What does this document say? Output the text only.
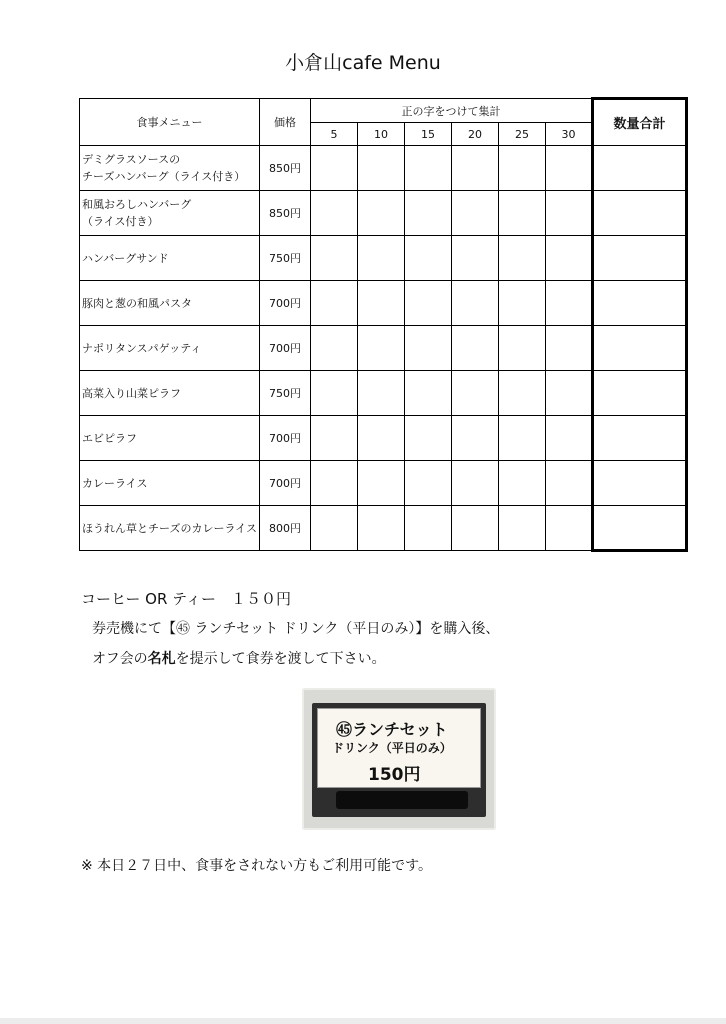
小倉山cafe Menu
食事メニュー	価格	正の字をつけて集計						数量合計
		5	10	15	20	25	30	

デミグラスソースの
チーズハンバーグ（ライス付き）	850円							

和風おろしハンバーグ
（ライス付き）	850円							

ハンバーグサンド	750円							

豚肉と葱の和風パスタ	700円							

ナポリタンスパゲッティ	700円							

高菜入り山菜ピラフ	750円							

エビピラフ	700円							

カレーライス	700円							

ほうれん草とチーズのカレーライス	800円							
コーヒー OR ティー　１５０円
券売機にて【㊺ ランチセット ドリンク（平日のみ）】を購入後、
オフ会の名札を提示して食券を渡して下さい。
㊺ランチセット
ドリンク（平日のみ）
150円
※ 本日２７日中、食事をされない方もご利用可能です。
